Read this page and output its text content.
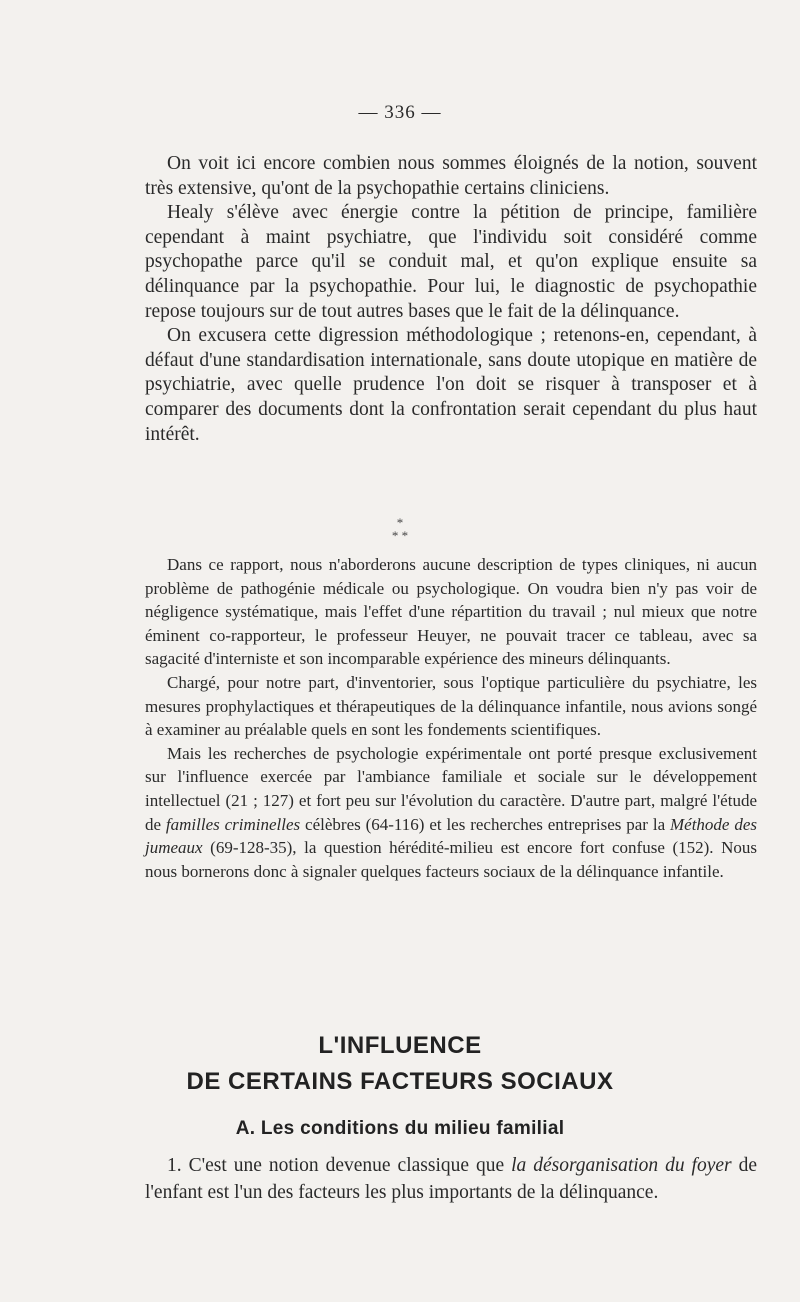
— 336 —

On voit ici encore combien nous sommes éloignés de la notion, souvent très extensive, qu'ont de la psychopathie certains cliniciens.

Healy s'élève avec énergie contre la pétition de principe, familière cependant à maint psychiatre, que l'individu soit considéré comme psychopathe parce qu'il se conduit mal, et qu'on explique ensuite sa délinquance par la psychopathie. Pour lui, le diagnostic de psychopathie repose toujours sur de tout autres bases que le fait de la délinquance.

On excusera cette digression méthodologique ; retenons-en, cependant, à défaut d'une standardisation internationale, sans doute utopique en matière de psychiatrie, avec quelle prudence l'on doit se risquer à transposer et à comparer des documents dont la confrontation serait cependant du plus haut intérêt.

*
* *

Dans ce rapport, nous n'aborderons aucune description de types cliniques, ni aucun problème de pathogénie médicale ou psychologique. On voudra bien n'y pas voir de négligence systématique, mais l'effet d'une répartition du travail ; nul mieux que notre éminent co-rapporteur, le professeur Heuyer, ne pouvait tracer ce tableau, avec sa sagacité d'interniste et son incomparable expérience des mineurs délinquants.

Chargé, pour notre part, d'inventorier, sous l'optique particulière du psychiatre, les mesures prophylactiques et thérapeutiques de la délinquance infantile, nous avions songé à examiner au préalable quels en sont les fondements scientifiques.

Mais les recherches de psychologie expérimentale ont porté presque exclusivement sur l'influence exercée par l'ambiance familiale et sociale sur le développement intellectuel (21 ; 127) et fort peu sur l'évolution du caractère. D'autre part, malgré l'étude de familles criminelles célèbres (64-116) et les recherches entreprises par la Méthode des jumeaux (69-128-35), la question hérédité-milieu est encore fort confuse (152). Nous nous bornerons donc à signaler quelques facteurs sociaux de la délinquance infantile.

L'INFLUENCE
DE CERTAINS FACTEURS SOCIAUX
A. Les conditions du milieu familial

1. C'est une notion devenue classique que la désorganisation du foyer de l'enfant est l'un des facteurs les plus importants de la délinquance.
